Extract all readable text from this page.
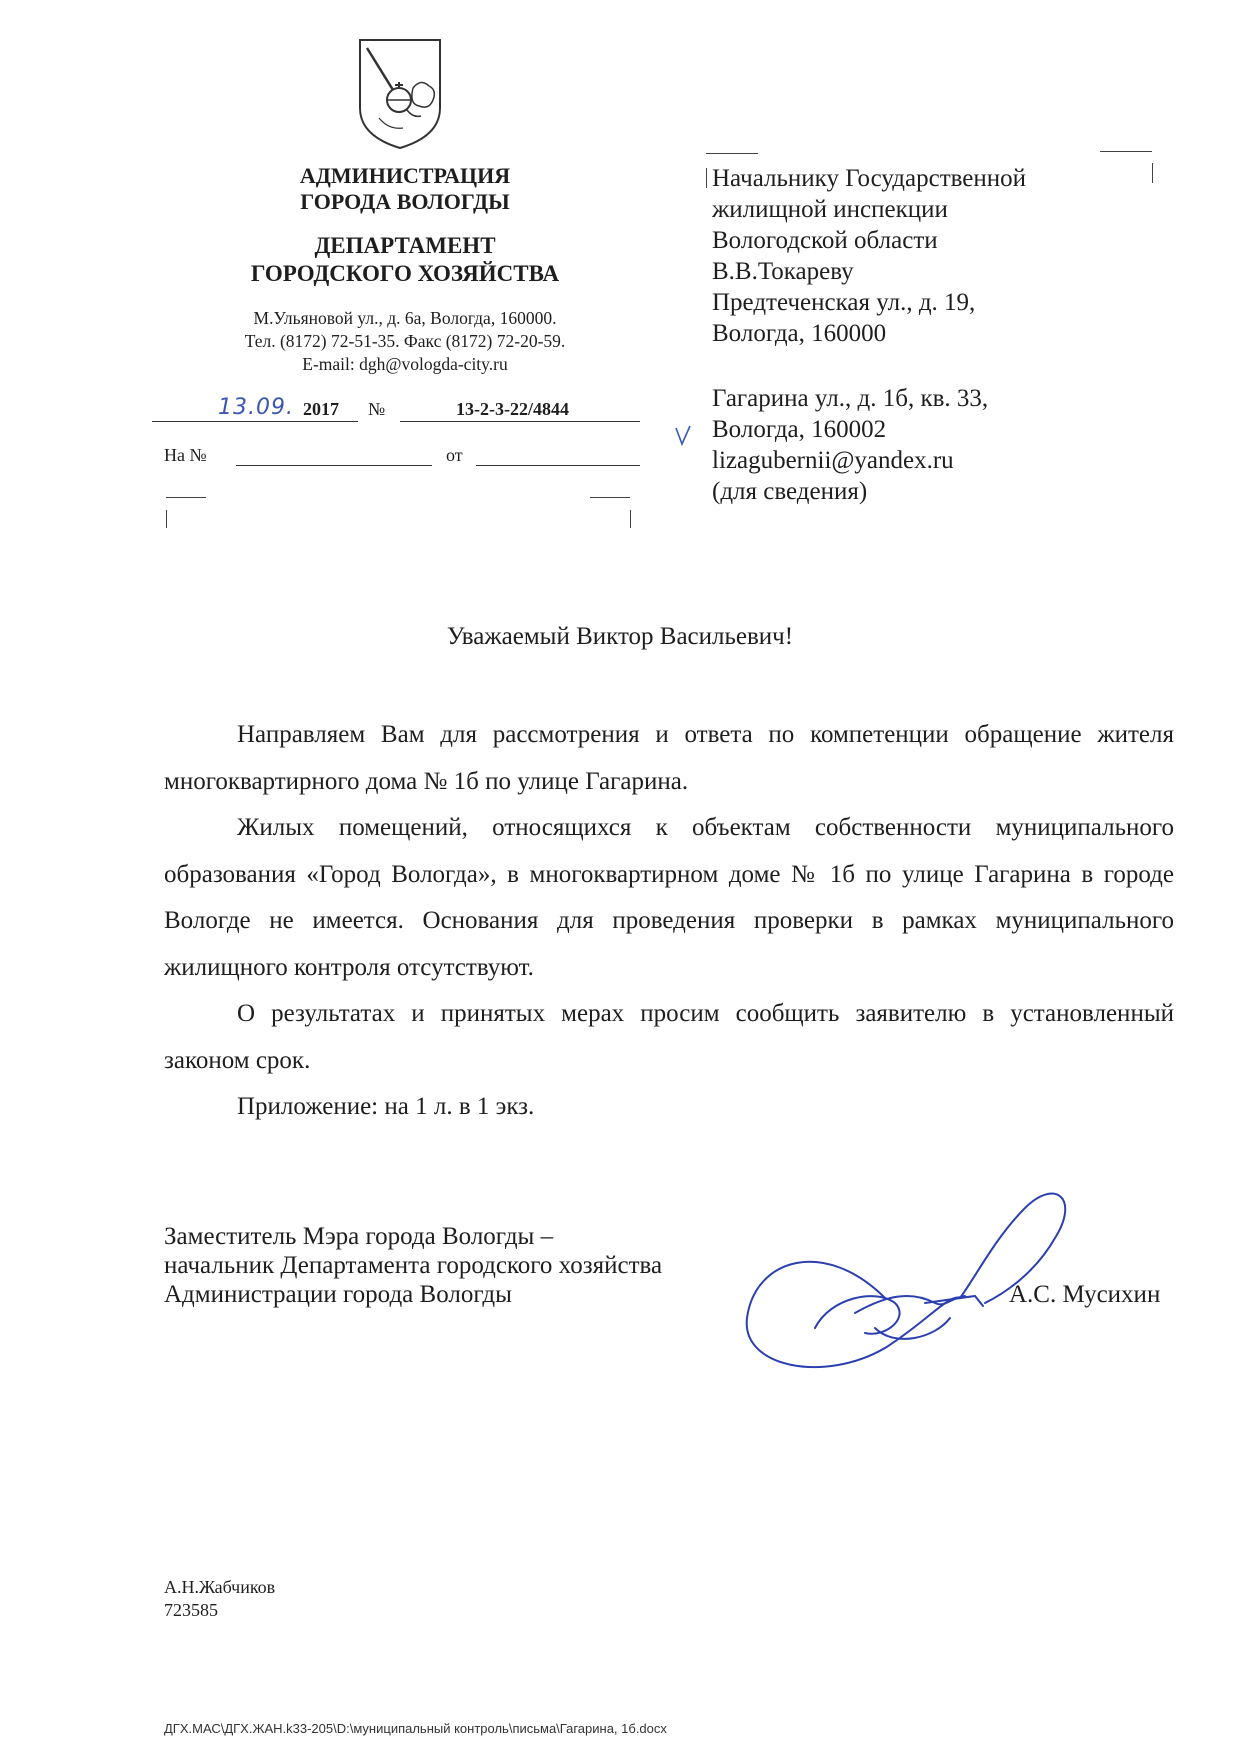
АДМИНИСТРАЦИЯ
ГОРОДА ВОЛОГДЫ
ДЕПАРТАМЕНТ
ГОРОДСКОГО ХОЗЯЙСТВА
М.Ульяновой ул., д. 6а, Вологда, 160000.
Тел. (8172) 72-51-35. Факс (8172) 72-20-59.
E-mail: dgh@vologda-city.ru
13.09. 2017 №	13-2-3-22/4844
На №	от
Начальнику Государственной
жилищной инспекции
Вологодской области
В.В.Токареву
Предтеченская ул., д. 19,
Вологда, 160000
Гагарина ул., д. 1б, кв. 33,
Вологда, 160002
lizagubernii@yandex.ru
(для сведения)
Уважаемый Виктор Васильевич!

Направляем Вам для рассмотрения и ответа по компетенции обращение жителя многоквартирного дома № 1б по улице Гагарина.

Жилых помещений, относящихся к объектам собственности муниципального образования «Город Вологда», в многоквартирном доме № 1б по улице Гагарина в городе Вологде не имеется. Основания для проведения проверки в рамках муниципального жилищного контроля отсутствуют.

О результатах и принятых мерах просим сообщить заявителю в установленный законом срок.

Приложение: на 1 л. в 1 экз.

Заместитель Мэра города Вологды –
начальник Департамента городского хозяйства
Администрации города Вологды	А.С. Мусихин
А.Н.Жабчиков
723585
ДГХ.МАС\ДГХ.ЖАН.k33-205\D:\муниципальный контроль\письма\Гагарина, 1б.docx
